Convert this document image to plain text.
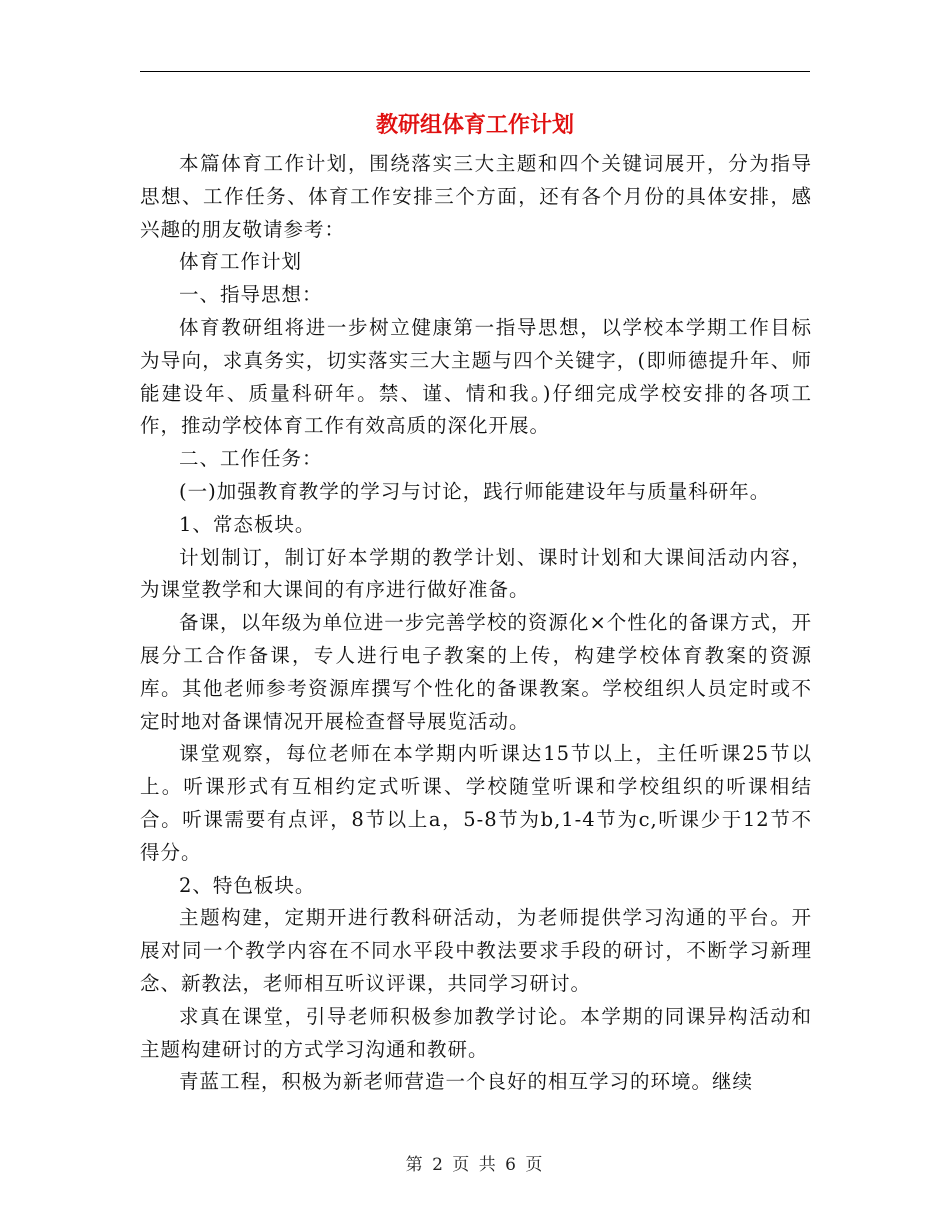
教研组体育工作计划

本篇体育工作计划，围绕落实三大主题和四个关键词展开，分为指导思想、工作任务、体育工作安排三个方面，还有各个月份的具体安排，感兴趣的朋友敬请参考：

体育工作计划

一、指导思想：

体育教研组将进一步树立健康第一指导思想，以学校本学期工作目标为导向，求真务实，切实落实三大主题与四个关键字，(即师德提升年、师能建设年、质量科研年。禁、谨、情和我。)仔细完成学校安排的各项工作，推动学校体育工作有效高质的深化开展。

二、工作任务：

(一)加强教育教学的学习与讨论，践行师能建设年与质量科研年。

1、常态板块。

计划制订，制订好本学期的教学计划、课时计划和大课间活动内容，为课堂教学和大课间的有序进行做好准备。

备课，以年级为单位进一步完善学校的资源化×个性化的备课方式，开展分工合作备课，专人进行电子教案的上传，构建学校体育教案的资源库。其他老师参考资源库撰写个性化的备课教案。学校组织人员定时或不定时地对备课情况开展检查督导展览活动。

课堂观察，每位老师在本学期内听课达15节以上，主任听课25节以上。听课形式有互相约定式听课、学校随堂听课和学校组织的听课相结合。听课需要有点评，8节以上a，5-8节为b,1-4节为c,听课少于12节不得分。

2、特色板块。

主题构建，定期开进行教科研活动，为老师提供学习沟通的平台。开展对同一个教学内容在不同水平段中教法要求手段的研讨，不断学习新理念、新教法，老师相互听议评课，共同学习研讨。

求真在课堂，引导老师积极参加教学讨论。本学期的同课异构活动和主题构建研讨的方式学习沟通和教研。

青蓝工程，积极为新老师营造一个良好的相互学习的环境。继续

第 2 页 共 6 页
